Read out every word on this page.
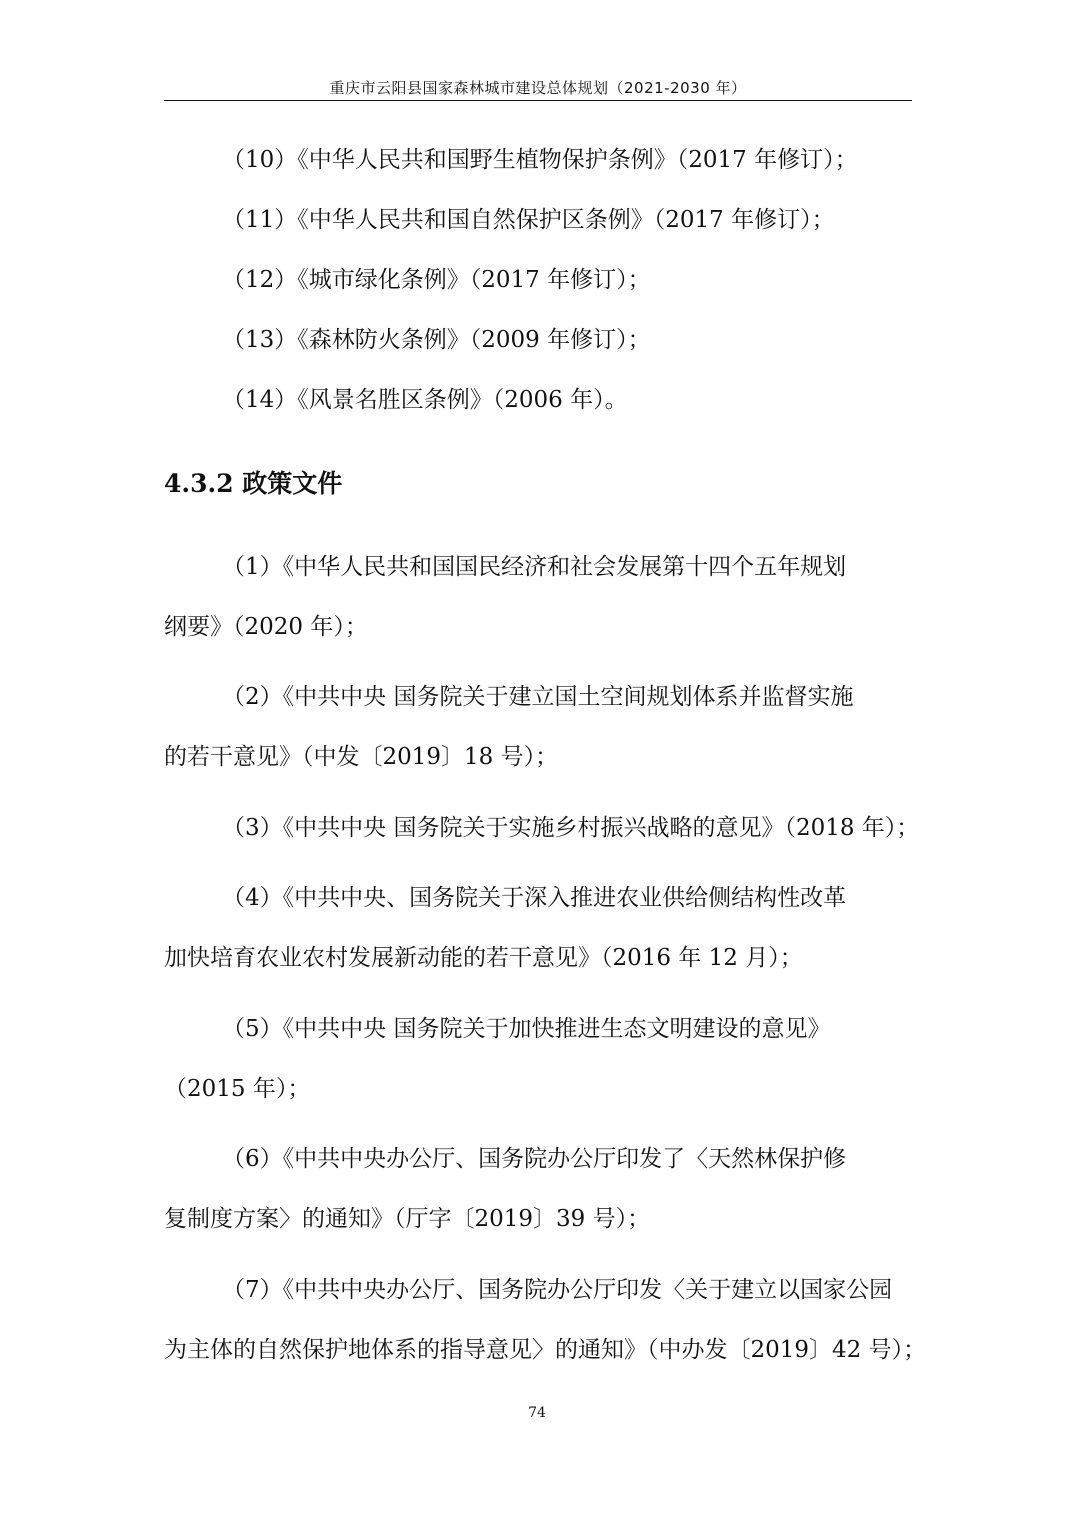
重庆市云阳县国家森林城市建设总体规划（2021-2030 年）
（10）《中华人民共和国野生植物保护条例》（2017 年修订）；
（11）《中华人民共和国自然保护区条例》（2017 年修订）；
（12）《城市绿化条例》（2017 年修订）；
（13）《森林防火条例》（2009 年修订）；
（14）《风景名胜区条例》（2006 年）。
4.3.2 政策文件
（1）《中华人民共和国国民经济和社会发展第十四个五年规划
纲要》（2020 年）；
（2）《中共中央 国务院关于建立国土空间规划体系并监督实施
的若干意见》（中发〔2019〕18 号）；
（3）《中共中央 国务院关于实施乡村振兴战略的意见》（2018 年）；
（4）《中共中央、国务院关于深入推进农业供给侧结构性改革
加快培育农业农村发展新动能的若干意见》（2016 年 12 月）；
（5）《中共中央 国务院关于加快推进生态文明建设的意见》
（2015 年）；
（6）《中共中央办公厅、国务院办公厅印发了〈天然林保护修
复制度方案〉的通知》（厅字〔2019〕39 号）；
（7）《中共中央办公厅、国务院办公厅印发〈关于建立以国家公园
为主体的自然保护地体系的指导意见〉的通知》（中办发〔2019〕42 号）；
74
